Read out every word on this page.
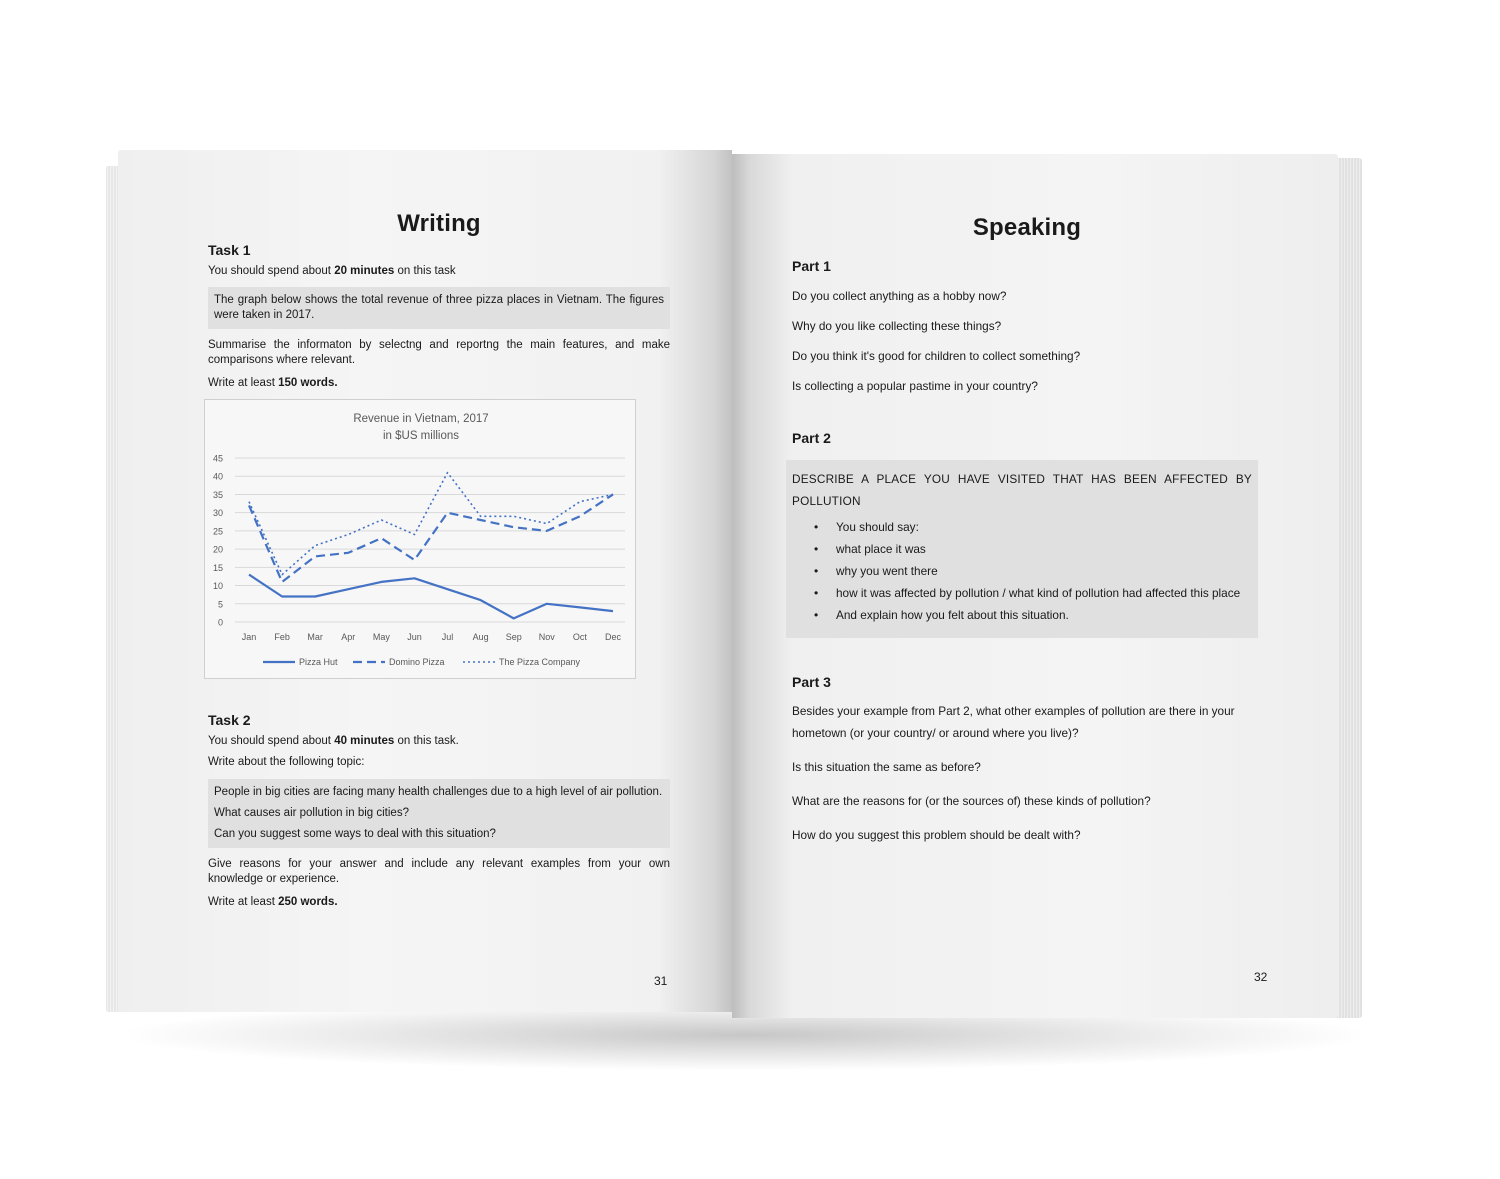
Writing
Task 1

You should spend about 20 minutes on this task

The graph below shows the total revenue of three pizza places in Vietnam. The figures were taken in 2017.

Summarise the informaton by selectng and reportng the main features, and make comparisons where relevant.

Write at least 150 words.

Revenue in Vietnam, 2017
in $US millions
0
5
10
15
20
25
30
35
40
45
Jan Feb Mar Apr May Jun Jul Aug Sep Nov Oct Dec
Pizza Hut	Domino Pizza	The Pizza Company
Task 2

You should spend about 40 minutes on this task.

Write about the following topic:

People in big cities are facing many health challenges due to a high level of air pollution.

What causes air pollution in big cities?

Can you suggest some ways to deal with this situation?

Give reasons for your answer and include any relevant examples from your own knowledge or experience.

Write at least 250 words.

31
Speaking
Part 1

Do you collect anything as a hobby now?

Why do you like collecting these things?

Do you think it's good for children to collect something?

Is collecting a popular pastime in your country?

Part 2

DESCRIBE A PLACE YOU HAVE VISITED THAT HAS BEEN AFFECTED BY POLLUTION

• You should say:
• what place it was
• why you went there
• how it was affected by pollution / what kind of pollution had affected this place
• And explain how you felt about this situation.
Part 3

Besides your example from Part 2, what other examples of pollution are there in your hometown (or your country/ or around where you live)?

Is this situation the same as before?

What are the reasons for (or the sources of) these kinds of pollution?

How do you suggest this problem should be dealt with?

32
